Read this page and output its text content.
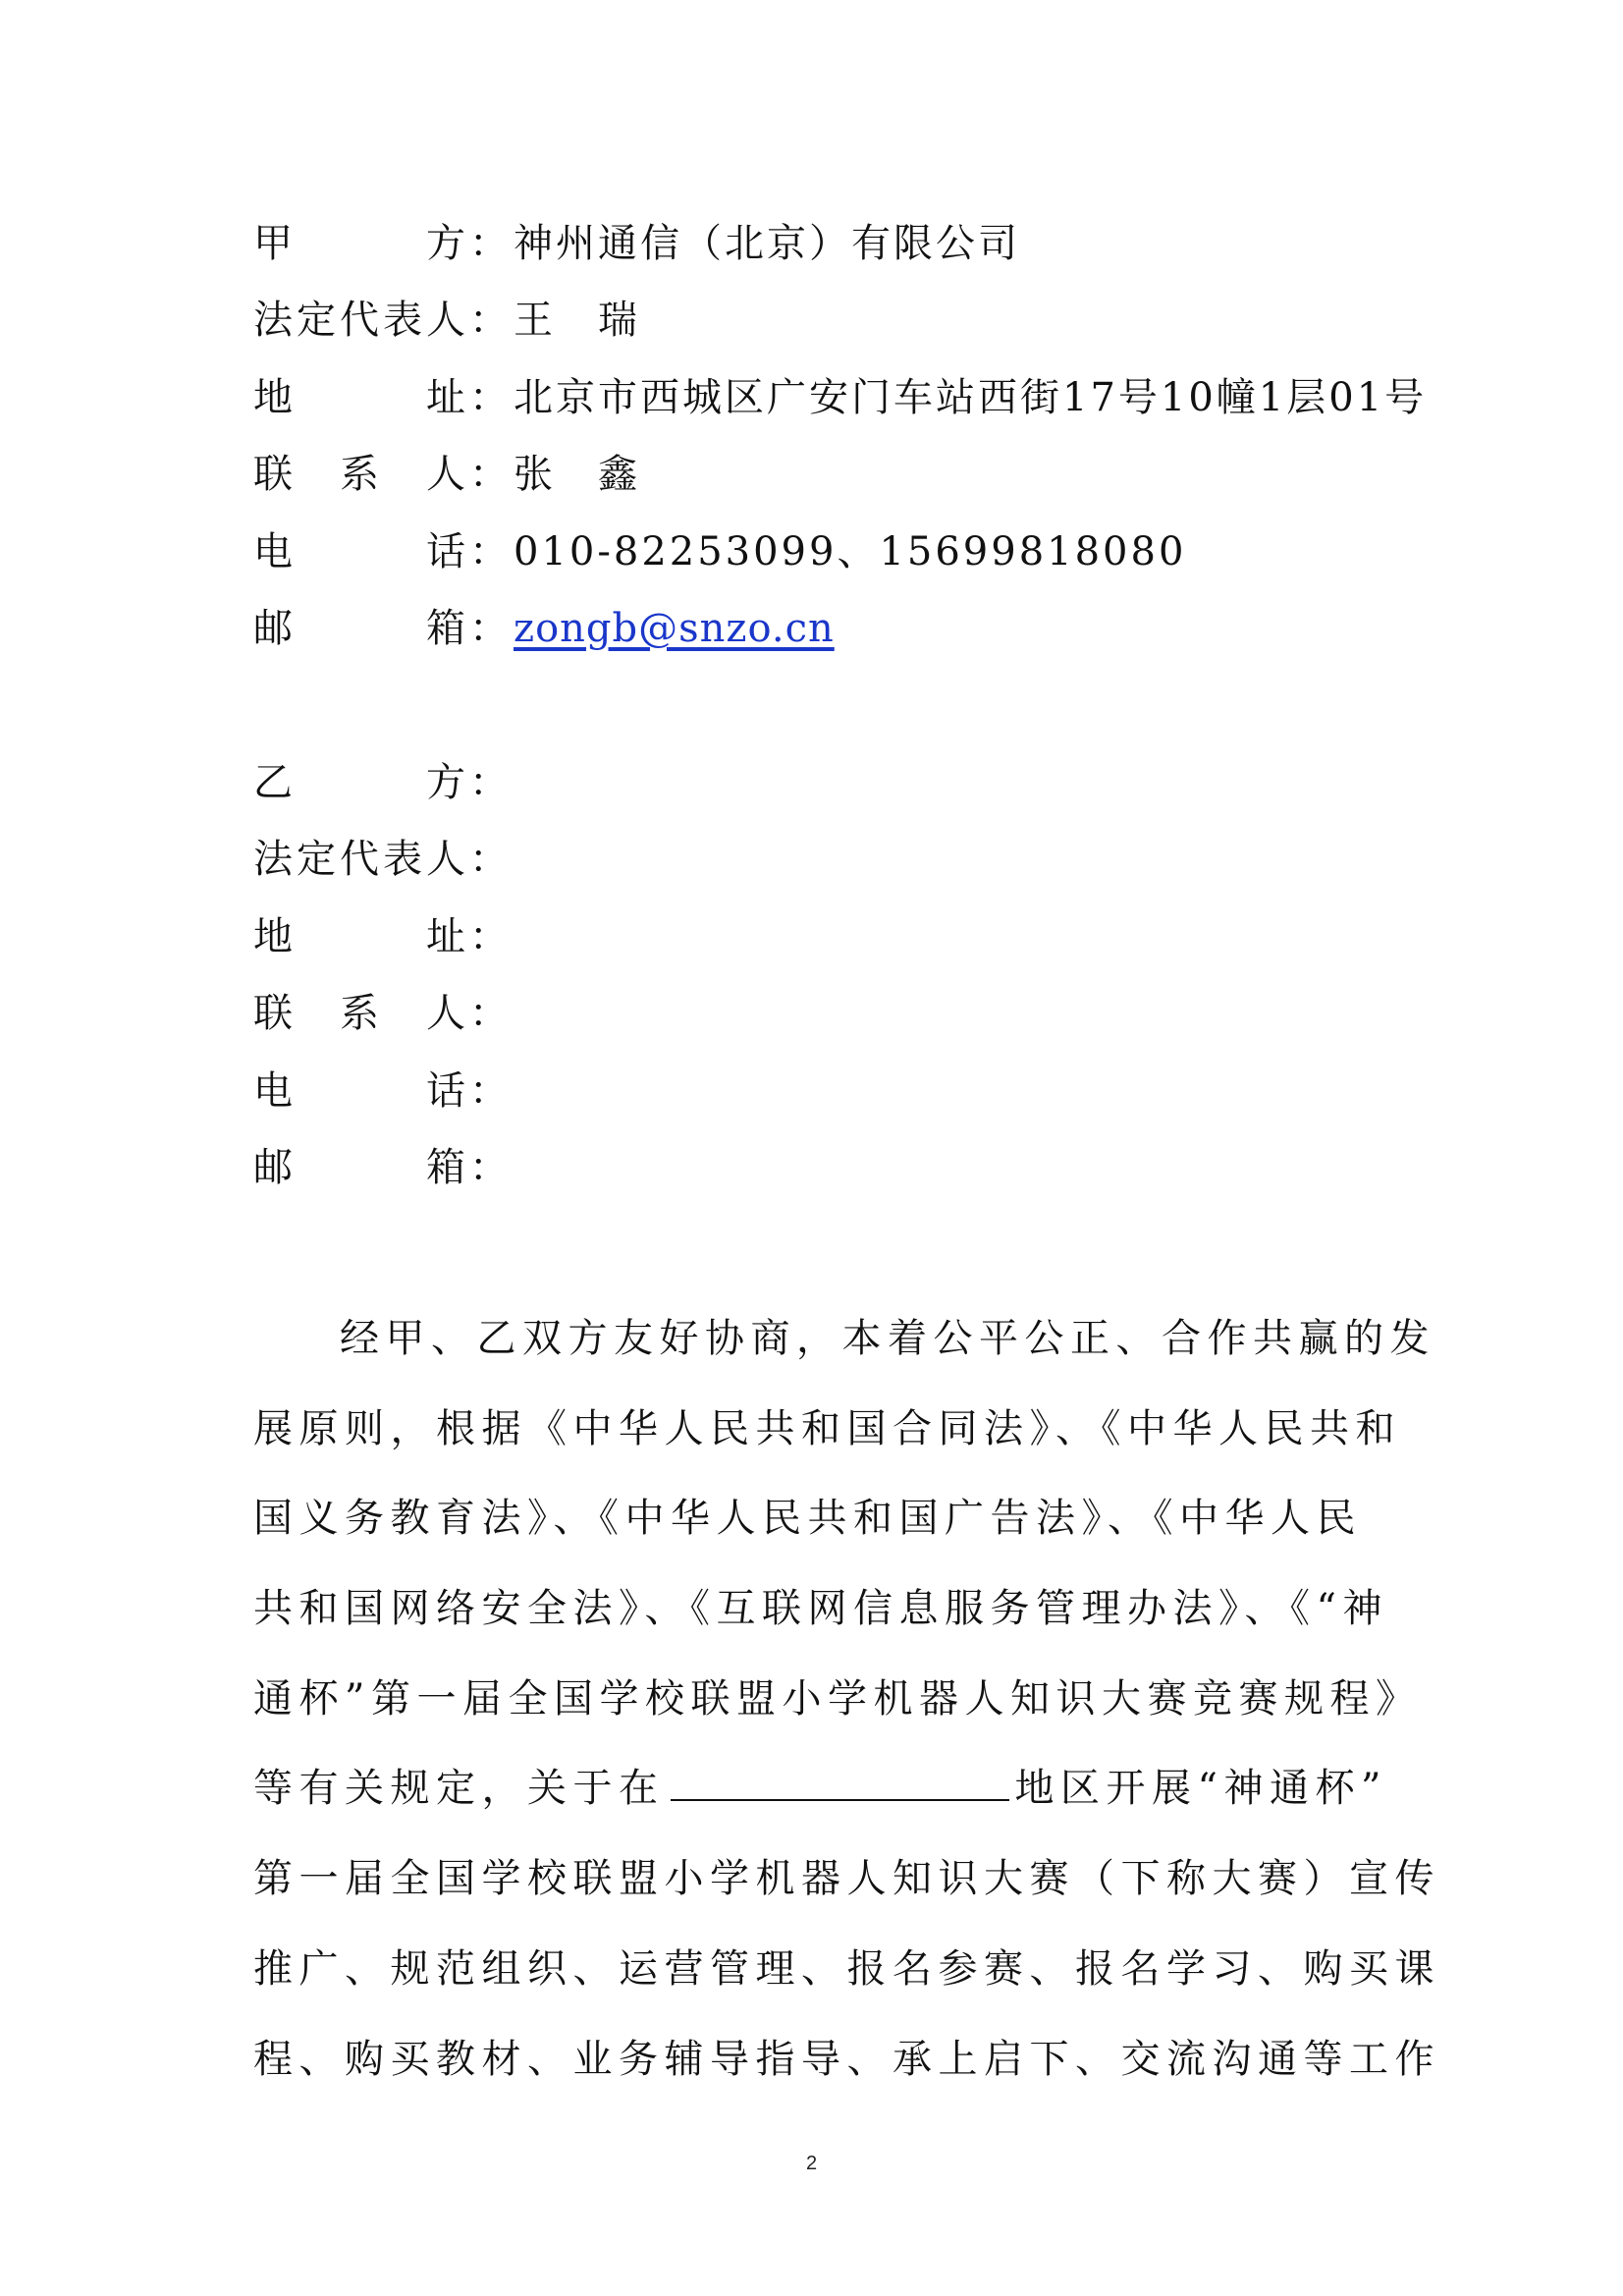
甲　　　方： 神州通信（北京）有限公司
法定代表人： 王　瑞
地　　　址： 北京市西城区广安门车站西街17号10幢1层01号
联　系　人： 张　鑫
电　　　话： 010-82253099、15699818080
邮　　　箱： zongb@snzo.cn
乙　　　方：
法定代表人：
地　　　址：
联　系　人：
电　　　话：
邮　　　箱：
经甲、乙双方友好协商，本着公平公正、合作共赢的发
展原则，根据《中华人民共和国合同法》、《中华人民共和
国义务教育法》、《中华人民共和国广告法》、《中华人民
共和国网络安全法》、《互联网信息服务管理办法》、《“神
通杯”第一届全国学校联盟小学机器人知识大赛竞赛规程》
等有关规定，关于在	地区开展“神通杯”
第一届全国学校联盟小学机器人知识大赛（下称大赛）宣传
推广、规范组织、运营管理、报名参赛、报名学习、购买课
程、购买教材、业务辅导指导、承上启下、交流沟通等工作
2
